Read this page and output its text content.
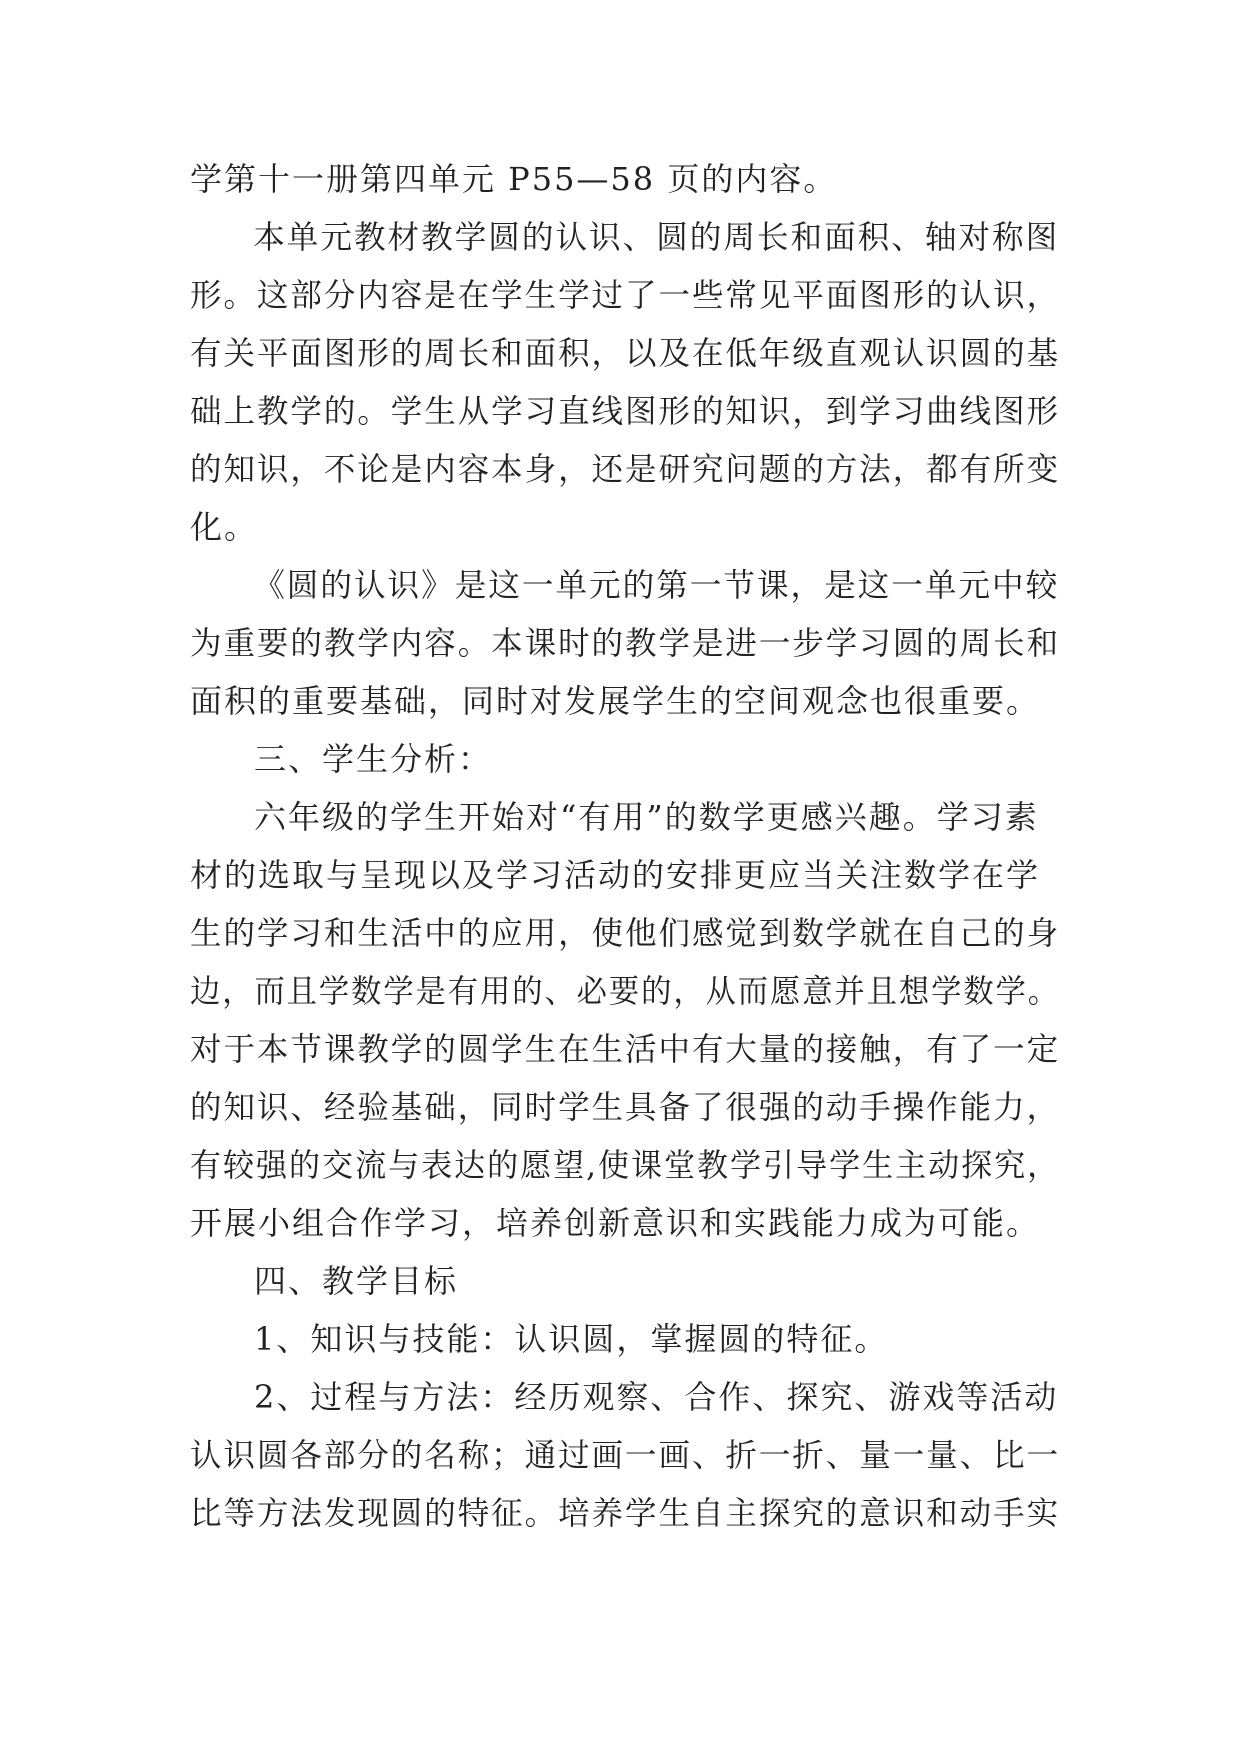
学第十一册第四单元 P55—58 页的内容。
本单元教材教学圆的认识、圆的周长和面积、轴对称图
形。这部分内容是在学生学过了一些常见平面图形的认识，
有关平面图形的周长和面积，以及在低年级直观认识圆的基
础上教学的。学生从学习直线图形的知识，到学习曲线图形
的知识，不论是内容本身，还是研究问题的方法，都有所变
化。
《圆的认识》是这一单元的第一节课，是这一单元中较
为重要的教学内容。本课时的教学是进一步学习圆的周长和
面积的重要基础，同时对发展学生的空间观念也很重要。
三、学生分析：
六年级的学生开始对“有用”的数学更感兴趣。学习素
材的选取与呈现以及学习活动的安排更应当关注数学在学
生的学习和生活中的应用，使他们感觉到数学就在自己的身
边，而且学数学是有用的、必要的，从而愿意并且想学数学。
对于本节课教学的圆学生在生活中有大量的接触，有了一定
的知识、经验基础，同时学生具备了很强的动手操作能力，
有较强的交流与表达的愿望,使课堂教学引导学生主动探究，
开展小组合作学习，培养创新意识和实践能力成为可能。
四、教学目标
1、知识与技能：认识圆，掌握圆的特征。
2、过程与方法：经历观察、合作、探究、游戏等活动
认识圆各部分的名称；通过画一画、折一折、量一量、比一
比等方法发现圆的特征。培养学生自主探究的意识和动手实
